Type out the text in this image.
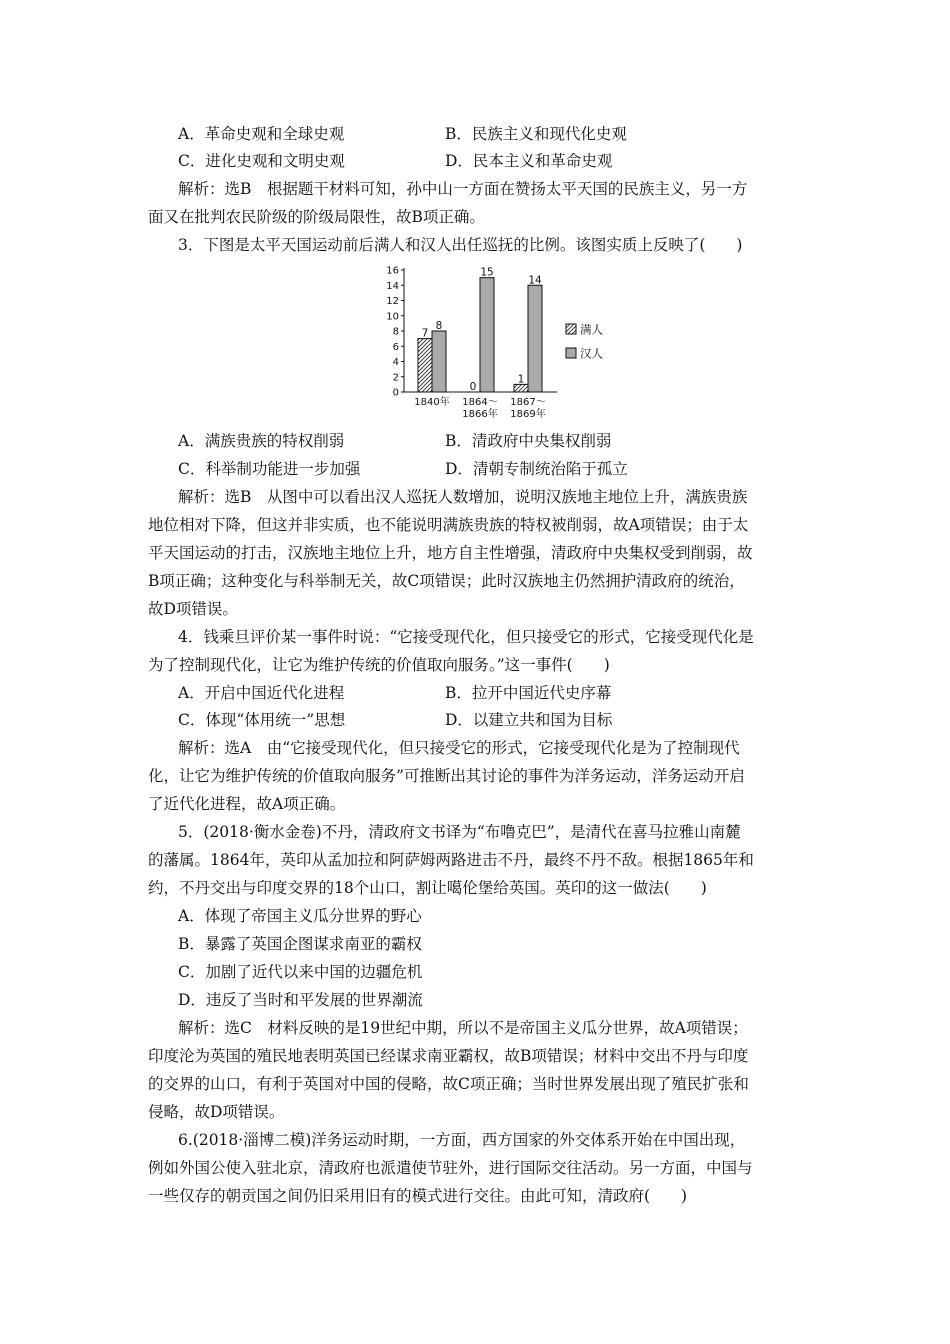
A．革命史观和全球史观	B．民族主义和现代化史观
C．进化史观和文明史观	D．民本主义和革命史观
解析：选B　根据题干材料可知，孙中山一方面在赞扬太平天国的民族主义，另一方
面又在批判农民阶级的阶级局限性，故B项正确。
3．下图是太平天国运动前后满人和汉人出任巡抚的比例。该图实质上反映了(　　)
0
2
4
6
8
10
12
14
16
7
8
0
15
1
14
1840年 1864～
1866年
1867～
1869年
满人
汉人
A．满族贵族的特权削弱	B．清政府中央集权削弱
C．科举制功能进一步加强	D．清朝专制统治陷于孤立
解析：选B　从图中可以看出汉人巡抚人数增加，说明汉族地主地位上升，满族贵族
地位相对下降，但这并非实质，也不能说明满族贵族的特权被削弱，故A项错误；由于太
平天国运动的打击，汉族地主地位上升，地方自主性增强，清政府中央集权受到削弱，故
B项正确；这种变化与科举制无关，故C项错误；此时汉族地主仍然拥护清政府的统治，
故D项错误。
4．钱乘旦评价某一事件时说：“它接受现代化，但只接受它的形式，它接受现代化是
为了控制现代化，让它为维护传统的价值取向服务。”这一事件(　　)
A．开启中国近代化进程	B．拉开中国近代史序幕
C．体现“体用统一”思想	D．以建立共和国为目标
解析：选A　由“它接受现代化，但只接受它的形式，它接受现代化是为了控制现代
化，让它为维护传统的价值取向服务”可推断出其讨论的事件为洋务运动，洋务运动开启
了近代化进程，故A项正确。
5．(2018·衡水金卷)不丹，清政府文书译为“布噜克巴”，是清代在喜马拉雅山南麓
的藩属。1864年，英印从孟加拉和阿萨姆两路进击不丹，最终不丹不敌。根据1865年和
约，不丹交出与印度交界的18个山口，割让噶伦堡给英国。英印的这一做法(　　)
A．体现了帝国主义瓜分世界的野心
B．暴露了英国企图谋求南亚的霸权
C．加剧了近代以来中国的边疆危机
D．违反了当时和平发展的世界潮流
解析：选C　材料反映的是19世纪中期，所以不是帝国主义瓜分世界，故A项错误；
印度沦为英国的殖民地表明英国已经谋求南亚霸权，故B项错误；材料中交出不丹与印度
的交界的山口，有利于英国对中国的侵略，故C项正确；当时世界发展出现了殖民扩张和
侵略，故D项错误。
6.(2018·淄博二模)洋务运动时期，一方面，西方国家的外交体系开始在中国出现，
例如外国公使入驻北京，清政府也派遣使节驻外，进行国际交往活动。另一方面，中国与
一些仅存的朝贡国之间仍旧采用旧有的模式进行交往。由此可知，清政府(　　)
